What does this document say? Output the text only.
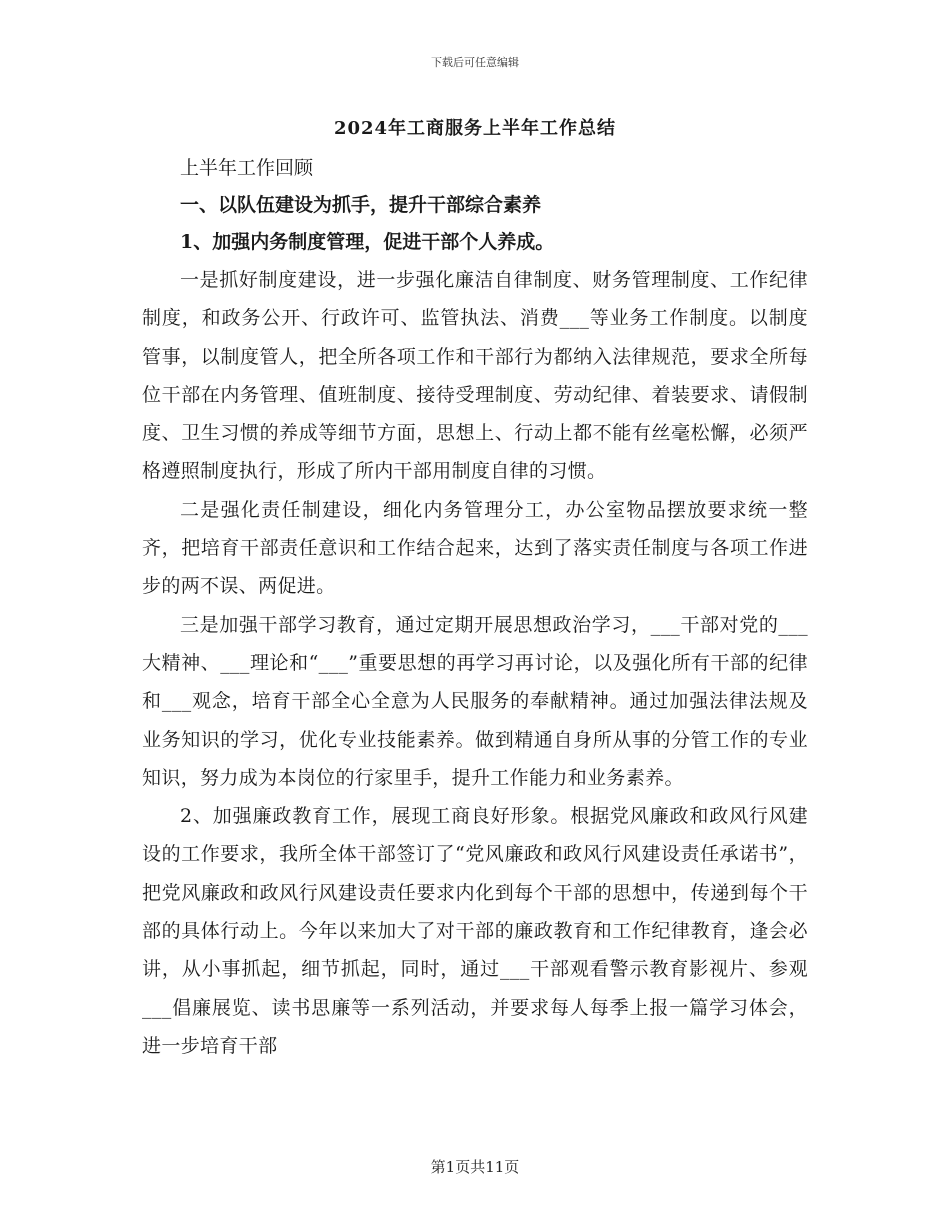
下载后可任意编辑
2024年工商服务上半年工作总结

上半年工作回顾

一、以队伍建设为抓手，提升干部综合素养

1、加强内务制度管理，促进干部个人养成。

一是抓好制度建设，进一步强化廉洁自律制度、财务管理制度、工作纪律制度，和政务公开、行政许可、监管执法、消费___等业务工作制度。以制度管事，以制度管人，把全所各项工作和干部行为都纳入法律规范，要求全所每位干部在内务管理、值班制度、接待受理制度、劳动纪律、着装要求、请假制度、卫生习惯的养成等细节方面，思想上、行动上都不能有丝毫松懈，必须严格遵照制度执行，形成了所内干部用制度自律的习惯。

二是强化责任制建设，细化内务管理分工，办公室物品摆放要求统一整齐，把培育干部责任意识和工作结合起来，达到了落实责任制度与各项工作进步的两不误、两促进。

三是加强干部学习教育，通过定期开展思想政治学习，___干部对党的___大精神、___理论和“___”重要思想的再学习再讨论，以及强化所有干部的纪律和___观念，培育干部全心全意为人民服务的奉献精神。通过加强法律法规及业务知识的学习，优化专业技能素养。做到精通自身所从事的分管工作的专业知识，努力成为本岗位的行家里手，提升工作能力和业务素养。

2、加强廉政教育工作，展现工商良好形象。根据党风廉政和政风行风建设的工作要求，我所全体干部签订了“党风廉政和政风行风建设责任承诺书”，把党风廉政和政风行风建设责任要求内化到每个干部的思想中，传递到每个干部的具体行动上。今年以来加大了对干部的廉政教育和工作纪律教育，逢会必讲，从小事抓起，细节抓起，同时，通过___干部观看警示教育影视片、参观___倡廉展览、读书思廉等一系列活动，并要求每人每季上报一篇学习体会，进一步培育干部

第1页共11页
